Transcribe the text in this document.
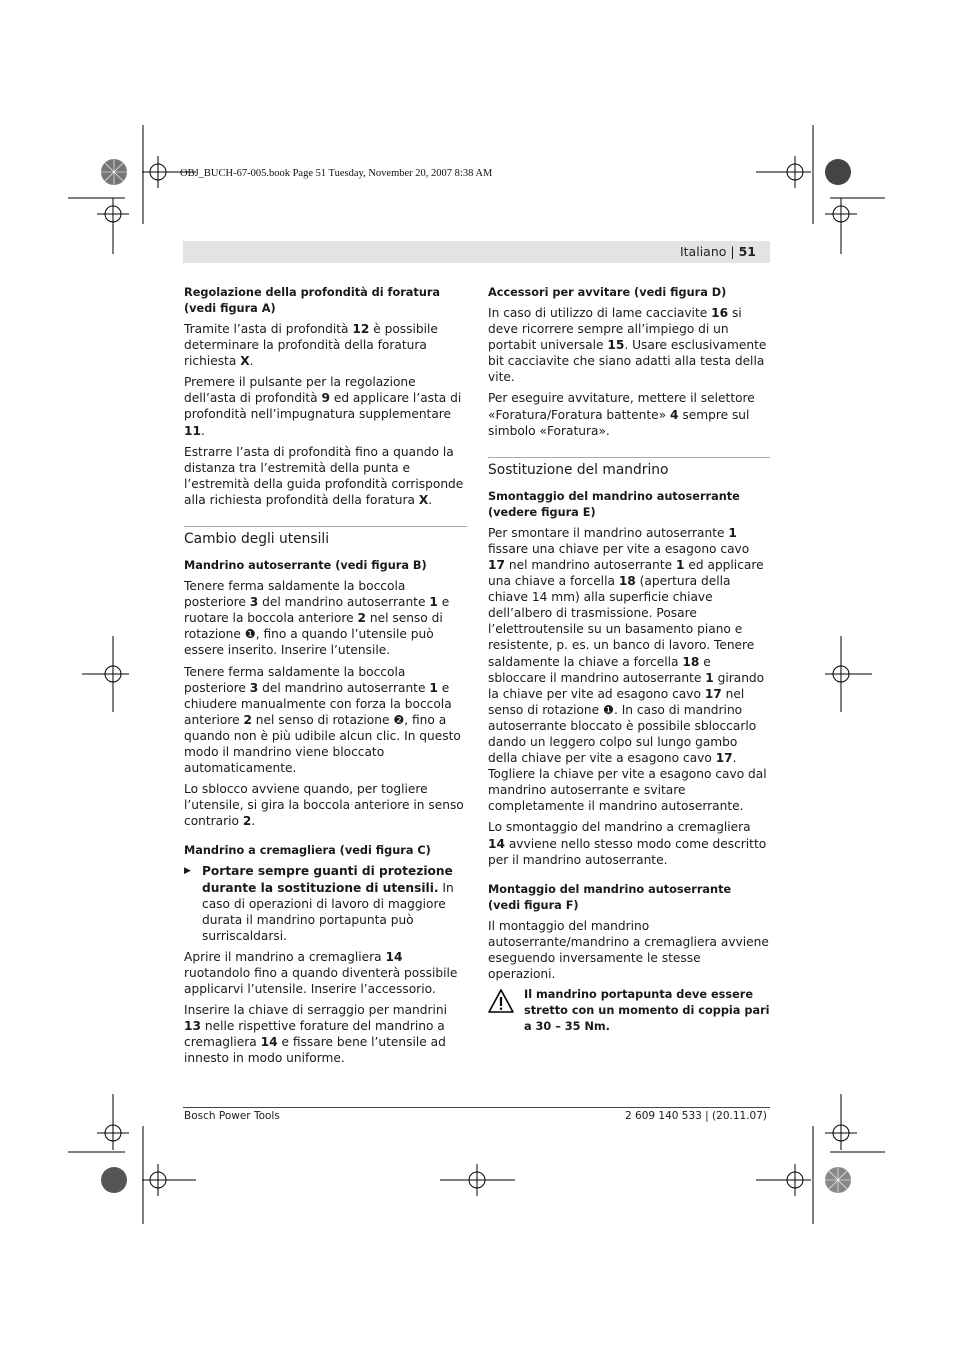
OBJ_BUCH-67-005.book Page 51 Tuesday, November 20, 2007 8:38 AM
Italiano | 51
Regolazione della profondità di foratura
(vedi figura A)

Tramite l’asta di profondità 12 è possibile determinare la profondità della foratura richiesta X.

Premere il pulsante per la regolazione dell’asta di profondità 9 ed applicare l’asta di profondità nell’impugnatura supplementare 11.

Estrarre l’asta di profondità fino a quando la distanza tra l’estremità della punta e l’estremità della guida profondità corrisponde alla richiesta profondità della foratura X.

Cambio degli utensili
Mandrino autoserrante (vedi figura B)

Tenere ferma saldamente la boccola posteriore 3 del mandrino autoserrante 1 e ruotare la boccola anteriore 2 nel senso di rotazione ❶, fino a quando l’utensile può essere inserito. Inserire l’utensile.

Tenere ferma saldamente la boccola posteriore 3 del mandrino autoserrante 1 e chiudere manualmente con forza la boccola anteriore 2 nel senso di rotazione ❷, fino a quando non è più udibile alcun clic. In questo modo il mandrino viene bloccato automaticamente.

Lo sblocco avviene quando, per togliere l’utensile, si gira la boccola anteriore in senso contrario 2.

Mandrino a cremagliera (vedi figura C)
▶ Portare sempre guanti di protezione durante la sostituzione di utensili. In caso di operazioni di lavoro di maggiore durata il mandrino portapunta può surriscaldarsi.

Aprire il mandrino a cremagliera 14 ruotandolo fino a quando diventerà possibile applicarvi l’utensile. Inserire l’accessorio.

Inserire la chiave di serraggio per mandrini 13 nelle rispettive forature del mandrino a cremagliera 14 e fissare bene l’utensile ad innesto in modo uniforme.

Accessori per avvitare (vedi figura D)

In caso di utilizzo di lame cacciavite 16 si deve ricorrere sempre all’impiego di un portabit universale 15. Usare esclusivamente bit cacciavite che siano adatti alla testa della vite.

Per eseguire avvitature, mettere il selettore «Foratura/Foratura battente» 4 sempre sul simbolo «Foratura».

Sostituzione del mandrino
Smontaggio del mandrino autoserrante
(vedere figura E)

Per smontare il mandrino autoserrante 1 fissare una chiave per vite a esagono cavo 17 nel mandrino autoserrante 1 ed applicare una chiave a forcella 18 (apertura della chiave 14 mm) alla superficie chiave dell’albero di trasmissione. Posare l’elettroutensile su un basamento piano e resistente, p. es. un banco di lavoro. Tenere saldamente la chiave a forcella 18 e sbloccare il mandrino autoserrante 1 girando la chiave per vite ad esagono cavo 17 nel senso di rotazione ❶. In caso di mandrino autoserrante bloccato è possibile sbloccarlo dando un leggero colpo sul lungo gambo della chiave per vite a esagono cavo 17. Togliere la chiave per vite a esagono cavo dal mandrino autoserrante e svitare completamente il mandrino autoserrante.

Lo smontaggio del mandrino a cremagliera 14 avviene nello stesso modo come descritto per il mandrino autoserrante.

Montaggio del mandrino autoserrante
(vedi figura F)

Il montaggio del mandrino autoserrante/mandrino a cremagliera avviene eseguendo inversamente le stesse operazioni.

Il mandrino portapunta deve essere stretto con un momento di coppia pari a 30 – 35 Nm.
Bosch Power Tools	2 609 140 533 | (20.11.07)
